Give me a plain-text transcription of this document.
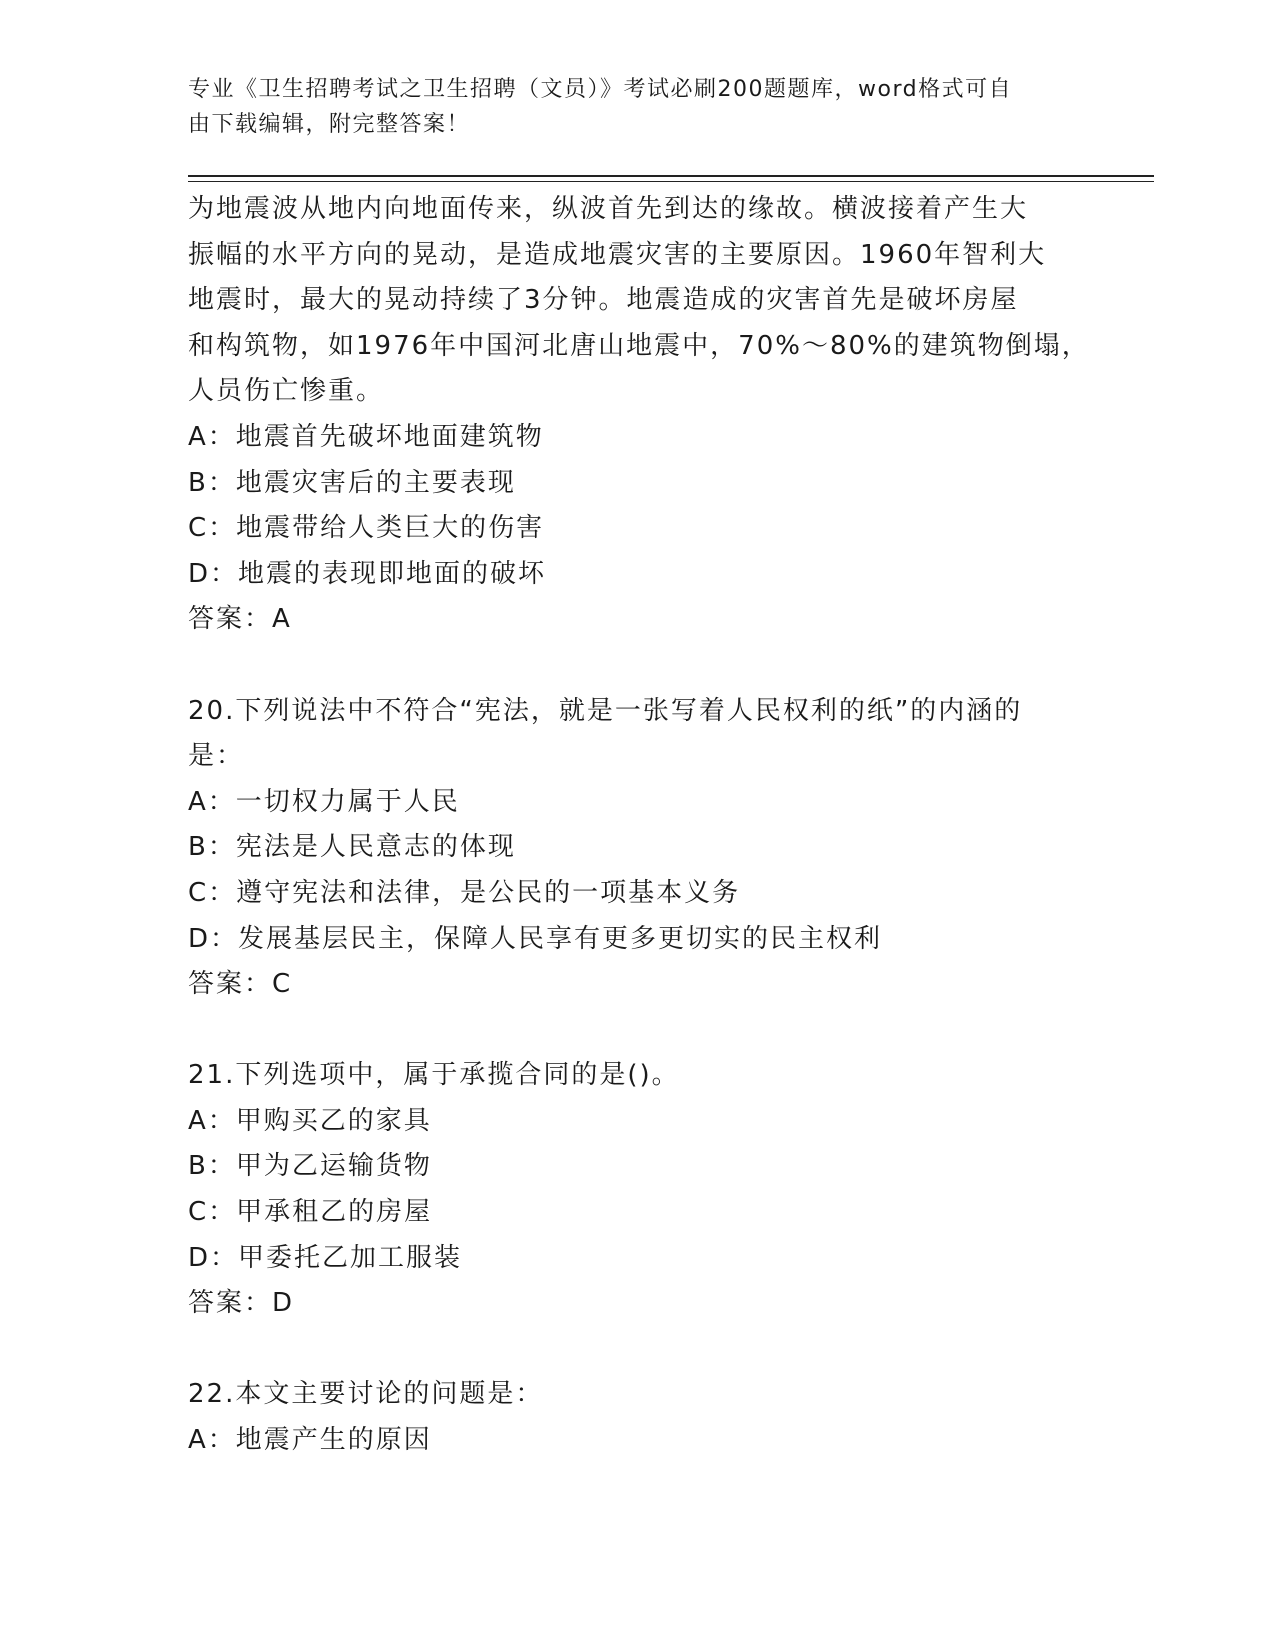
专业《卫生招聘考试之卫生招聘（文员）》考试必刷200题题库，word格式可自

由下载编辑，附完整答案！

为地震波从地内向地面传来，纵波首先到达的缘故。横波接着产生大

振幅的水平方向的晃动，是造成地震灾害的主要原因。1960年智利大

地震时，最大的晃动持续了3分钟。地震造成的灾害首先是破坏房屋

和构筑物，如1976年中国河北唐山地震中，70%～80%的建筑物倒塌，

人员伤亡惨重。

A：地震首先破坏地面建筑物

B：地震灾害后的主要表现

C：地震带给人类巨大的伤害

D：地震的表现即地面的破坏

答案：A

20.下列说法中不符合“宪法，就是一张写着人民权利的纸”的内涵的

是：

A：一切权力属于人民

B：宪法是人民意志的体现

C：遵守宪法和法律，是公民的一项基本义务

D：发展基层民主，保障人民享有更多更切实的民主权利

答案：C

21.下列选项中，属于承揽合同的是()。

A：甲购买乙的家具

B：甲为乙运输货物

C：甲承租乙的房屋

D：甲委托乙加工服装

答案：D

22.本文主要讨论的问题是：

A：地震产生的原因
